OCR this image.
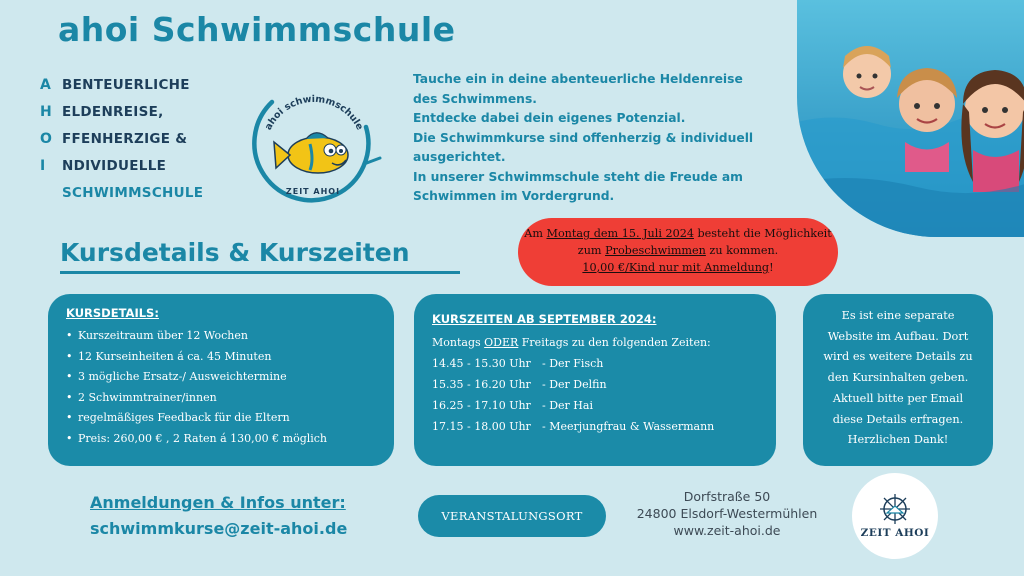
ahoi Schwimmschule
A BENTEUERLICHE
H ELDENREISE,
O FFENHERZIGE &
I	NDIVIDUELLE
SCHWIMMSCHULE
ahoi schwimmschule
ZEIT AHOI
Tauche ein in deine abenteuerliche Heldenreise
des Schwimmens.
Entdecke dabei dein eigenes Potenzial.
Die Schwimmkurse sind offenherzig & individuell
ausgerichtet.
In unserer Schwimmschule steht die Freude am
Schwimmen im Vordergrund.
Kursdetails & Kurszeiten
Am Montag dem 15. Juli 2024 besteht die Möglichkeit
zum Probeschwimmen zu kommen.
10,00 €/Kind nur mit Anmeldung!
KURSDETAILS:
• Kurszeitraum über 12 Wochen
• 12 Kurseinheiten á ca. 45 Minuten
• 3 mögliche Ersatz-/ Ausweichtermine
• 2 Schwimmtrainer/innen
• regelmäßiges Feedback für die Eltern
• Preis: 260,00 € , 2 Raten á 130,00 € möglich
KURSZEITEN AB SEPTEMBER 2024:
Montags ODER Freitags zu den folgenden Zeiten:
14.45 - 15.30 Uhr - Der Fisch
15.35 - 16.20 Uhr - Der Delfin
16.25 - 17.10 Uhr - Der Hai
17.15 - 18.00 Uhr - Meerjungfrau & Wassermann
Es ist eine separate
Website im Aufbau. Dort
wird es weitere Details zu
den Kursinhalten geben.
Aktuell bitte per Email
diese Details erfragen.
Herzlichen Dank!
Anmeldungen & Infos unter:
schwimmkurse@zeit-ahoi.de
VERANSTALUNGSORT
Dorfstraße 50
24800 Elsdorf-Westermühlen
www.zeit-ahoi.de	ZEIT AHOI
